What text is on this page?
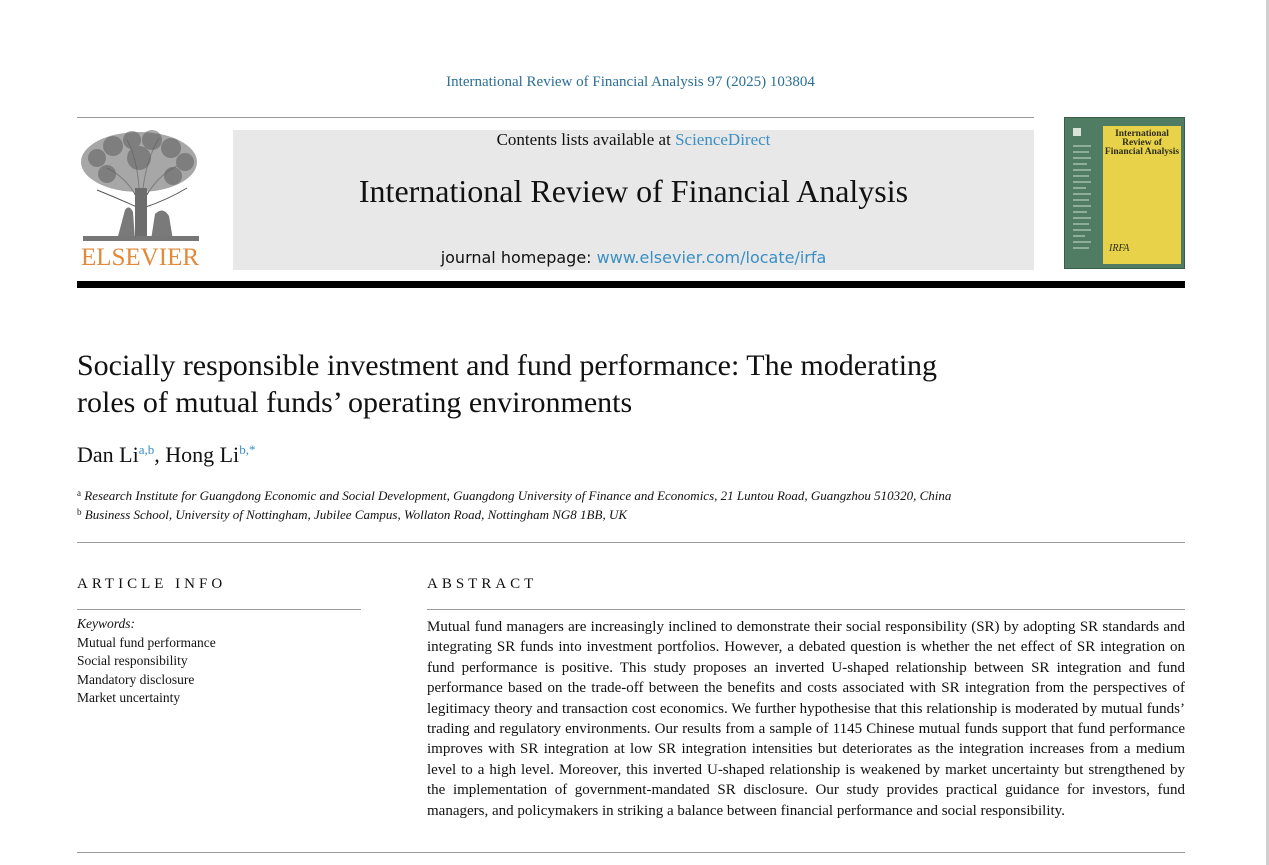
International Review of Financial Analysis 97 (2025) 103804
ELSEVIER
Contents lists available at ScienceDirect
International Review of Financial Analysis
journal homepage: www.elsevier.com/locate/irfa
International Review of Financial Analysis
IRFA
Socially responsible investment and fund performance: The moderating
roles of mutual funds’ operating environments
Dan Li$^{a,b}$, Hong $Li^{b,*}$
$^a$ Research Institute for Guangdong Economic and Social Development, Guangdong University of Finance and Economics, 21 Luntou Road, Guangzhou 510320, China
$^b$ Business School, University of Nottingham, Jubilee Campus, Wollaton Road, Nottingham NG8 1BB, UK
ARTICLE INFO
Keywords:
Mutual fund performance
Social responsibility
Mandatory disclosure
Market uncertainty
ABSTRACT

Mutual fund managers are increasingly inclined to demonstrate their social responsibility (SR) by adopting SR standards and integrating SR funds into investment portfolios. However, a debated question is whether the net effect of SR integration on fund performance is positive. This study proposes an inverted U-shaped relationship between SR integration and fund performance based on the trade-off between the benefits and costs associated with SR integration from the perspectives of legitimacy theory and transaction cost economics. We further hypothesise that this relationship is moderated by mutual funds’ trading and regulatory environments. Our results from a sample of 1145 Chinese mutual funds support that fund performance improves with SR integration at low SR integration intensities but deteriorates as the integration increases from a medium level to a high level. Moreover, this inverted U-shaped relationship is weakened by market uncertainty but strengthened by the implementation of government-mandated SR disclosure. Our study provides practical guidance for investors, fund managers, and policymakers in striking a balance between financial performance and social responsibility.
